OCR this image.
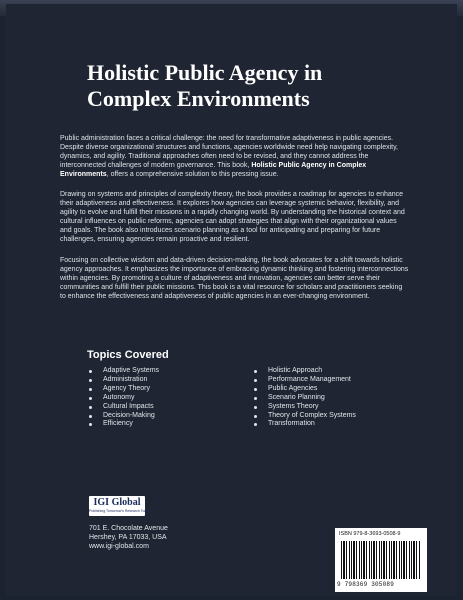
Holistic Public Agency in
Complex Environments
Public administration faces a critical challenge: the need for transformative adaptiveness in public agencies. Despite diverse organizational structures and functions, agencies worldwide need help navigating complexity, dynamics, and agility. Traditional approaches often need to be revised, and they cannot address the interconnected challenges of modern governance. This book, Holistic Public Agency in Complex Environments, offers a comprehensive solution to this pressing issue.
Drawing on systems and principles of complexity theory, the book provides a roadmap for agencies to enhance their adaptiveness and effectiveness. It explores how agencies can leverage systemic behavior, flexibility, and agility to evolve and fulfill their missions in a rapidly changing world. By understanding the historical context and cultural influences on public reforms, agencies can adopt strategies that align with their organizational values and goals. The book also introduces scenario planning as a tool for anticipating and preparing for future challenges, ensuring agencies remain proactive and resilient.
Focusing on collective wisdom and data-driven decision-making, the book advocates for a shift towards holistic agency approaches. It emphasizes the importance of embracing dynamic thinking and fostering interconnections within agencies. By promoting a culture of adaptiveness and innovation, agencies can better serve their communities and fulfill their public missions. This book is a vital resource for scholars and practitioners seeking to enhance the effectiveness and adaptiveness of public agencies in an ever-changing environment.
Topics Covered
Adaptive Systems
Administration
Agency Theory
Autonomy
Cultural Impacts
Decision-Making
Efficiency
Holistic Approach
Performance Management
Public Agencies
Scenario Planning
Systems Theory
Theory of Complex Systems
Transformation
IGI Global
Publishing Tomorrow's Research Today
701 E. Chocolate Avenue
Hershey, PA 17033, USA
www.igi-global.com
ISBN 979-8-3693-0508-9
9 798369 305089
